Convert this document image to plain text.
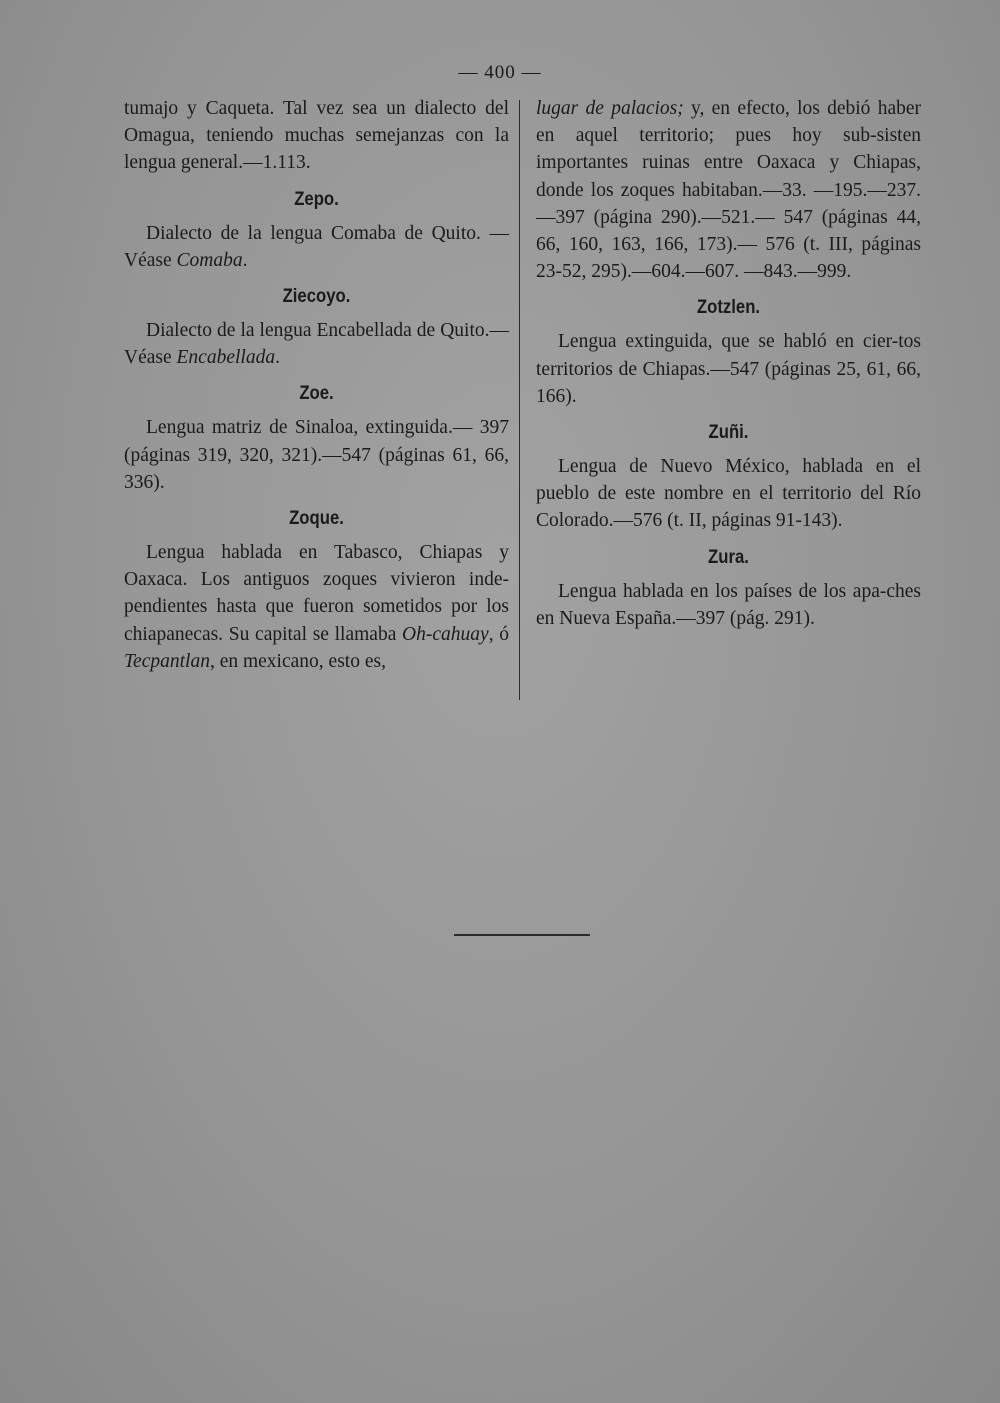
— 400 —

tumajo y Caqueta. Tal vez sea un dialecto del Omagua, teniendo muchas semejanzas con la lengua general.—1.113.

Zepo.

Dialecto de la lengua Comaba de Quito. —Véase Comaba.

Ziecoyo.

Dialecto de la lengua Encabellada de Quito.—Véase Encabellada.

Zoe.

Lengua matriz de Sinaloa, extinguida.— 397 (páginas 319, 320, 321).—547 (páginas 61, 66, 336).

Zoque.

Lengua hablada en Tabasco, Chiapas y Oaxaca. Los antiguos zoques vivieron inde-pendientes hasta que fueron sometidos por los chiapanecas. Su capital se llamaba Oh-cahuay, ó Tecpantlan, en mexicano, esto es,

lugar de palacios; y, en efecto, los debió haber en aquel territorio; pues hoy sub-sisten importantes ruinas entre Oaxaca y Chiapas, donde los zoques habitaban.—33. —195.—237.—397 (página 290).—521.— 547 (páginas 44, 66, 160, 163, 166, 173).— 576 (t. III, páginas 23-52, 295).—604.—607. —843.—999.

Zotzlen.

Lengua extinguida, que se habló en cier-tos territorios de Chiapas.—547 (páginas 25, 61, 66, 166).

Zuñi.

Lengua de Nuevo México, hablada en el pueblo de este nombre en el territorio del Río Colorado.—576 (t. II, páginas 91-143).

Zura.

Lengua hablada en los países de los apa-ches en Nueva España.—397 (pág. 291).
